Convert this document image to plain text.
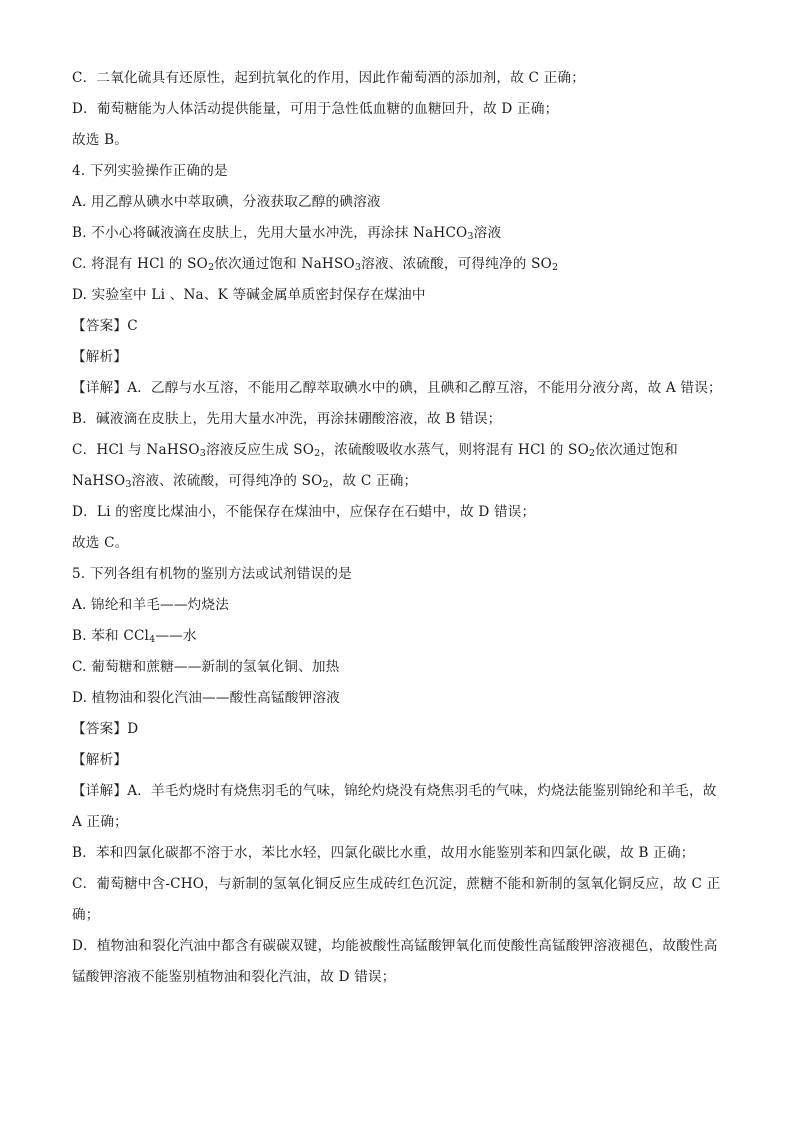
C．二氧化硫具有还原性，起到抗氧化的作用，因此作葡萄酒的添加剂，故 C 正确；
D．葡萄糖能为人体活动提供能量，可用于急性低血糖的血糖回升，故 D 正确；
故选 B。
4. 下列实验操作正确的是
A. 用乙醇从碘水中萃取碘，分液获取乙醇的碘溶液
B. 不小心将碱液滴在皮肤上，先用大量水冲洗，再涂抹 NaHCO$_3$溶液
C. 将混有 HCl 的 $SO_2$依次通过饱和 NaHSO$_3$溶液、浓硫酸，可得纯净的 $SO_2$
D. 实验室中 Li 、Na、K 等碱金属单质密封保存在煤油中
【答案】C
【解析】
【详解】A．乙醇与水互溶，不能用乙醇萃取碘水中的碘，且碘和乙醇互溶，不能用分液分离，故 A 错误；
B．碱液滴在皮肤上，先用大量水冲洗，再涂抹硼酸溶液，故 B 错误；
C．HCl 与 NaHSO$_3$溶液反应生成 $SO_2$，浓硫酸吸收水蒸气，则将混有 HCl 的 $SO_2$依次通过饱和 NaHSO$_3$溶液、浓硫酸，可得纯净的 $SO_2$，故 C 正确；
D．Li 的密度比煤油小，不能保存在煤油中，应保存在石蜡中，故 D 错误；
故选 C。
5. 下列各组有机物的鉴别方法或试剂错误的是
A. 锦纶和羊毛——灼烧法
B. 苯和 CCl$_4$——水
C. 葡萄糖和蔗糖——新制的氢氧化铜、加热
D. 植物油和裂化汽油——酸性高锰酸钾溶液
【答案】D
【解析】
【详解】A．羊毛灼烧时有烧焦羽毛的气味，锦纶灼烧没有烧焦羽毛的气味，灼烧法能鉴别锦纶和羊毛，故 A 正确；
B．苯和四氯化碳都不溶于水，苯比水轻，四氯化碳比水重，故用水能鉴别苯和四氯化碳，故 B 正确；
C．葡萄糖中含-CHO，与新制的氢氧化铜反应生成砖红色沉淀，蔗糖不能和新制的氢氧化铜反应，故 C 正确；
D．植物油和裂化汽油中都含有碳碳双键，均能被酸性高锰酸钾氧化而使酸性高锰酸钾溶液褪色，故酸性高锰酸钾溶液不能鉴别植物油和裂化汽油，故 D 错误；
